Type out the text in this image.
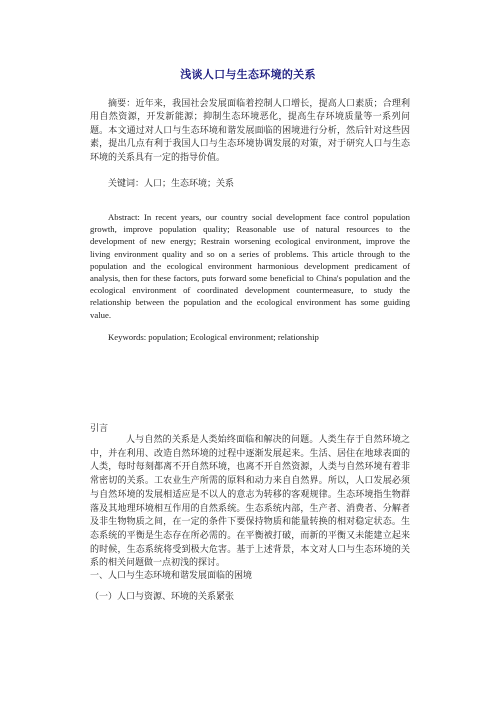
浅谈人口与生态环境的关系
摘要：近年来，我国社会发展面临着控制人口增长，提高人口素质；合理利用自然资源，开发新能源；抑制生态环境恶化，提高生存环境质量等一系列问题。本文通过对人口与生态环境和谐发展面临的困境进行分析，然后针对这些因素，提出几点有利于我国人口与生态环境协调发展的对策，对于研究人口与生态环境的关系具有一定的指导价值。
关键词：人口；生态环境；关系
Abstract: In recent years, our country social development face control population growth, improve population quality; Reasonable use of natural resources to the development of new energy; Restrain worsening ecological environment, improve the living environment quality and so on a series of problems. This article through to the population and the ecological environment harmonious development predicament of analysis, then for these factors, puts forward some beneficial to China's population and the ecological environment of coordinated development countermeasure, to study the relationship between the population and the ecological environment has some guiding value.
Keywords: population; Ecological environment; relationship
引言
人与自然的关系是人类始终面临和解决的问题。人类生存于自然环境之中，并在利用、改造自然环境的过程中逐渐发展起来。生活、居住在地球表面的人类，每时每刻都离不开自然环境，也离不开自然资源，人类与自然环境有着非常密切的关系。工农业生产所需的原料和动力来自自然界。所以，人口发展必须与自然环境的发展相适应是不以人的意志为转移的客观规律。生态环境指生物群落及其地理环境相互作用的自然系统。生态系统内部，生产者、消费者、分解者及非生物物质之间，在一定的条件下要保持物质和能量转换的相对稳定状态。生态系统的平衡是生态存在所必需的。在平衡被打破，而新的平衡又未能建立起来的时候，生态系统将受到极大危害。基于上述背景，本文对人口与生态环境的关系的相关问题做一点初浅的探讨。
一、人口与生态环境和谐发展面临的困境
（一）人口与资源、环境的关系紧张
